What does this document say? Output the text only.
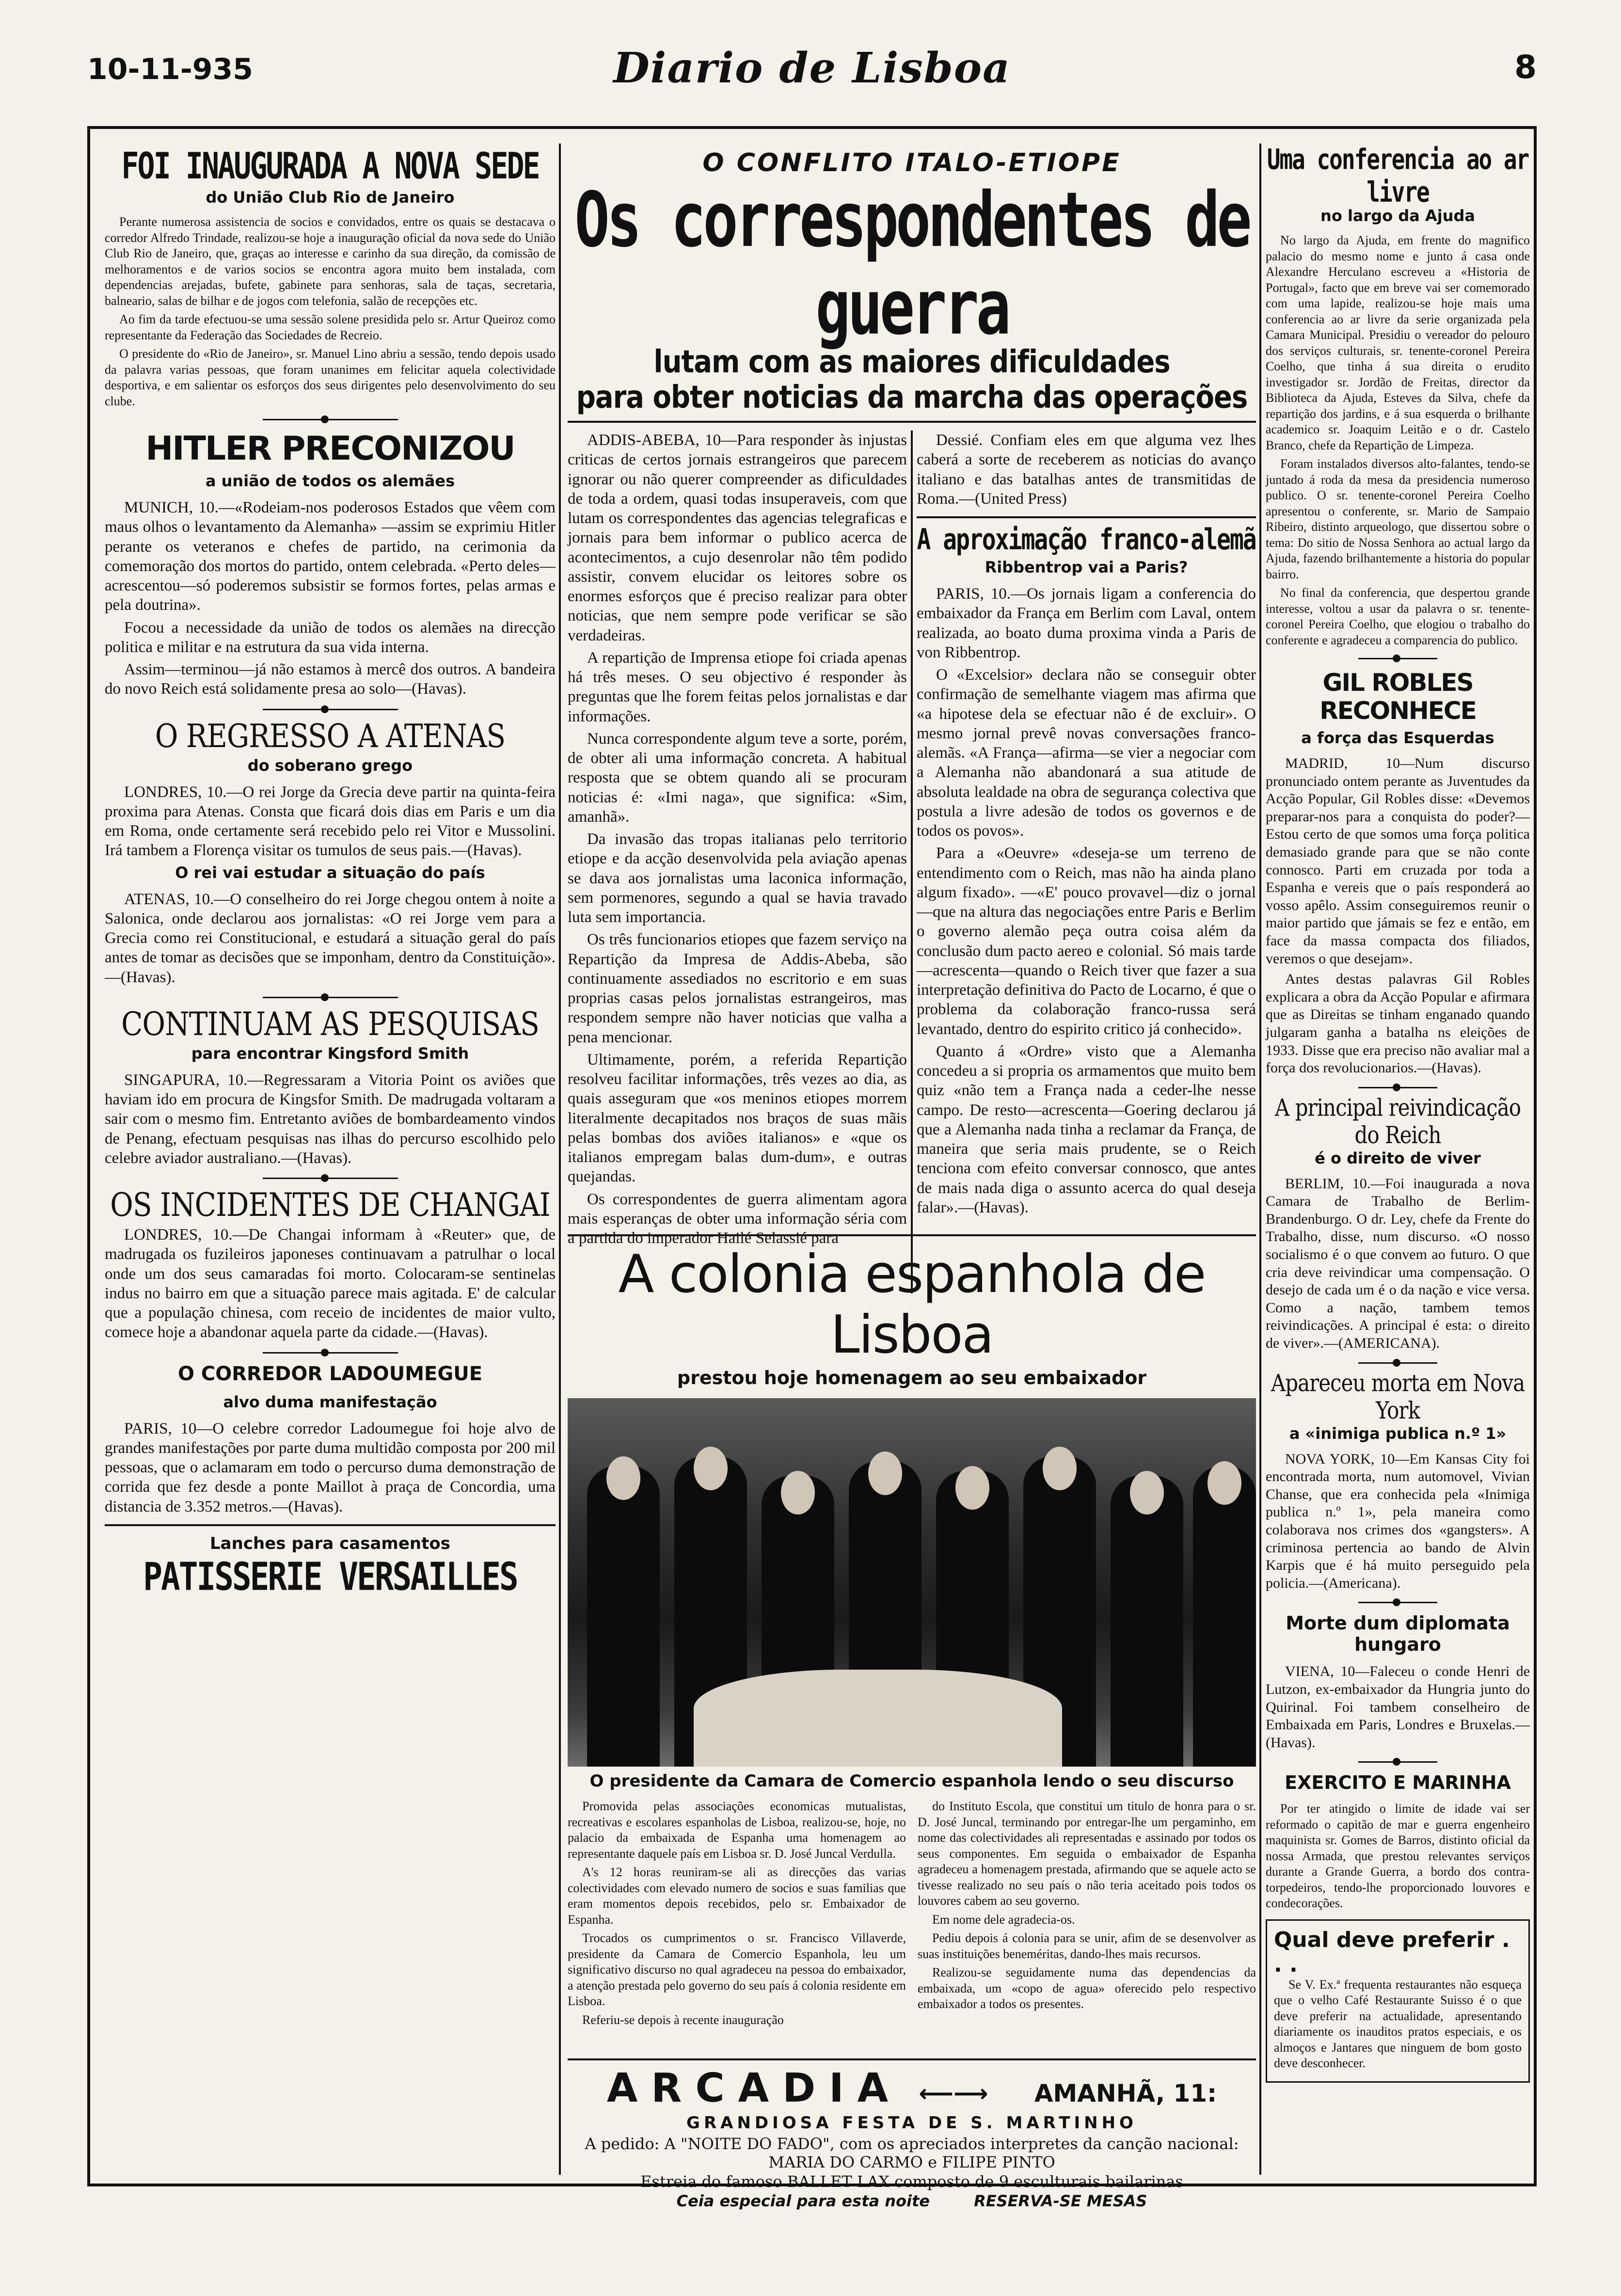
10-11-935	Diario de Lisboa	8
FOI INAUGURADA A NOVA SEDE
do União Club Rio de Janeiro

Perante numerosa assistencia de socios e convidados, entre os quais se destacava o corredor Alfredo Trindade, realizou-se hoje a inauguração oficial da nova sede do União Club Rio de Janeiro, que, graças ao interesse e carinho da sua direção, da comissão de melhoramentos e de varios socios se encontra agora muito bem instalada, com dependencias arejadas, bufete, gabinete para senhoras, sala de taças, secretaria, balneario, salas de bilhar e de jogos com telefonia, salão de recepções etc.

Ao fim da tarde efectuou-se uma sessão solene presidida pelo sr. Artur Queiroz como representante da Federação das Sociedades de Recreio.

O presidente do «Rio de Janeiro», sr. Manuel Lino abriu a sessão, tendo depois usado da palavra varias pessoas, que foram unanimes em felicitar aquela colectividade desportiva, e em salientar os esforços dos seus dirigentes pelo desenvolvimento do seu clube.

HITLER PRECONIZOU
a união de todos os alemães

MUNICH, 10.—«Rodeiam-nos poderosos Estados que vêem com maus olhos o levantamento da Alemanha» —assim se exprimiu Hitler perante os veteranos e chefes de partido, na cerimonia da comemoração dos mortos do partido, ontem celebrada. «Perto deles—acrescentou—só poderemos subsistir se formos fortes, pelas armas e pela doutrina».

Focou a necessidade da união de todos os alemães na direcção politica e militar e na estrutura da sua vida interna.

Assim—terminou—já não estamos à mercê dos outros. A bandeira do novo Reich está solidamente presa ao solo—(Havas).

O REGRESSO A ATENAS
do soberano grego

LONDRES, 10.—O rei Jorge da Grecia deve partir na quinta-feira proxima para Atenas. Consta que ficará dois dias em Paris e um dia em Roma, onde certamente será recebido pelo rei Vitor e Mussolini. Irá tambem a Florença visitar os tumulos de seus pais.—(Havas).

O rei vai estudar a situação do país

ATENAS, 10.—O conselheiro do rei Jorge chegou ontem à noite a Salonica, onde declarou aos jornalistas: «O rei Jorge vem para a Grecia como rei Constitucional, e estudará a situação geral do país antes de tomar as decisões que se imponham, dentro da Constituição».—(Havas).

CONTINUAM AS PESQUISAS
para encontrar Kingsford Smith

SINGAPURA, 10.—Regressaram a Vitoria Point os aviões que haviam ido em procura de Kingsfor Smith. De madrugada voltaram a sair com o mesmo fim. Entretanto aviões de bombardeamento vindos de Penang, efectuam pesquisas nas ilhas do percurso escolhido pelo celebre aviador australiano.—(Havas).

OS INCIDENTES DE CHANGAI

LONDRES, 10.—De Changai informam à «Reuter» que, de madrugada os fuzileiros japoneses continuavam a patrulhar o local onde um dos seus camaradas foi morto. Colocaram-se sentinelas indus no bairro em que a situação parece mais agitada. E' de calcular que a população chinesa, com receio de incidentes de maior vulto, comece hoje a abandonar aquela parte da cidade.—(Havas).

O CORREDOR LADOUMEGUE
alvo duma manifestação

PARIS, 10—O celebre corredor Ladoumegue foi hoje alvo de grandes manifestações por parte duma multidão composta por 200 mil pessoas, que o aclamaram em todo o percurso duma demonstração de corrida que fez desde a ponte Maillot à praça de Concordia, uma distancia de 3.352 metros.—(Havas).

Lanches para casamentos
PATISSERIE VERSAILLES
O CONFLITO ITALO-ETIOPE
Os correspondentes de guerra
lutam com as maiores dificuldades
para obter noticias da marcha das operações

ADDIS-ABEBA, 10—Para responder às injustas criticas de certos jornais estrangeiros que parecem ignorar ou não querer compreender as dificuldades de toda a ordem, quasi todas insuperaveis, com que lutam os correspondentes das agencias telegraficas e jornais para bem informar o publico acerca de acontecimentos, a cujo desenrolar não têm podido assistir, convem elucidar os leitores sobre os enormes esforços que é preciso realizar para obter noticias, que nem sempre pode verificar se são verdadeiras.

A repartição de Imprensa etiope foi criada apenas há três meses. O seu objectivo é responder às preguntas que lhe forem feitas pelos jornalistas e dar informações.

Nunca correspondente algum teve a sorte, porém, de obter ali uma informação concreta. A habitual resposta que se obtem quando ali se procuram noticias é: «Imi naga», que significa: «Sim, amanhã».

Da invasão das tropas italianas pelo territorio etiope e da acção desenvolvida pela aviação apenas se dava aos jornalistas uma laconica informação, sem pormenores, segundo a qual se havia travado luta sem importancia.

Os três funcionarios etiopes que fazem serviço na Repartição da Impresa de Addis-Abeba, são continuamente assediados no escritorio e em suas proprias casas pelos jornalistas estrangeiros, mas respondem sempre não haver noticias que valha a pena mencionar.

Ultimamente, porém, a referida Repartição resolveu facilitar informações, três vezes ao dia, as quais asseguram que «os meninos etiopes morrem literalmente decapitados nos braços de suas mãis pelas bombas dos aviões italianos» e «que os italianos empregam balas dum-dum», e outras quejandas.

Os correspondentes de guerra alimentam agora mais esperanças de obter uma informação séria com a partida do imperador Hailé Selassié para

Dessié. Confiam eles em que alguma vez lhes caberá a sorte de receberem as noticias do avanço italiano e das batalhas antes de transmitidas de Roma.—(United Press)

A aproximação franco-alemã
Ribbentrop vai a Paris?

PARIS, 10.—Os jornais ligam a conferencia do embaixador da França em Berlim com Laval, ontem realizada, ao boato duma proxima vinda a Paris de von Ribbentrop.

O «Excelsior» declara não se conseguir obter confirmação de semelhante viagem mas afirma que «a hipotese dela se efectuar não é de excluir». O mesmo jornal prevê novas conversações franco-alemãs. «A França—afirma—se vier a negociar com a Alemanha não abandonará a sua atitude de absoluta lealdade na obra de segurança colectiva que postula a livre adesão de todos os governos e de todos os povos».

Para a «Oeuvre» «deseja-se um terreno de entendimento com o Reich, mas não ha ainda plano algum fixado». —«E' pouco provavel—diz o jornal—que na altura das negociações entre Paris e Berlim o governo alemão peça outra coisa além da conclusão dum pacto aereo e colonial. Só mais tarde—acrescenta—quando o Reich tiver que fazer a sua interpretação definitiva do Pacto de Locarno, é que o problema da colaboração franco-russa será levantado, dentro do espirito critico já conhecido».

Quanto á «Ordre» visto que a Alemanha concedeu a si propria os armamentos que muito bem quiz «não tem a França nada a ceder-lhe nesse campo. De resto—acrescenta—Goering declarou já que a Alemanha nada tinha a reclamar da França, de maneira que seria mais prudente, se o Reich tenciona com efeito conversar connosco, que antes de mais nada diga o assunto acerca do qual deseja falar».—(Havas).

A colonia espanhola de Lisboa
prestou hoje homenagem ao seu embaixador
O presidente da Camara de Comercio espanhola lendo o seu discurso

Promovida pelas associações economicas mutualistas, recreativas e escolares espanholas de Lisboa, realizou-se, hoje, no palacio da embaixada de Espanha uma homenagem ao representante daquele país em Lisboa sr. D. José Juncal Verdulla.

A's 12 horas reuniram-se ali as direcções das varias colectividades com elevado numero de socios e suas familias que eram momentos depois recebidos, pelo sr. Embaixador de Espanha.

Trocados os cumprimentos o sr. Francisco Villaverde, presidente da Camara de Comercio Espanhola, leu um significativo discurso no qual agradeceu na pessoa do embaixador, a atenção prestada pelo governo do seu país á colonia residente em Lisboa.

Referiu-se depois à recente inauguração

do Instituto Escola, que constitui um titulo de honra para o sr. D. José Juncal, terminando por entregar-lhe um pergaminho, em nome das colectividades ali representadas e assinado por todos os seus componentes. Em seguida o embaixador de Espanha agradeceu a homenagem prestada, afirmando que se aquele acto se tivesse realizado no seu país o não teria aceitado pois todos os louvores cabem ao seu governo.

Em nome dele agradecia-os.

Pediu depois á colonia para se unir, afim de se desenvolver as suas instituições beneméritas, dando-lhes mais recursos.

Realizou-se seguidamente numa das dependencias da embaixada, um «copo de agua» oferecido pelo respectivo embaixador a todos os presentes.

ARCADIA ⟵⟶ AMANHÃ, 11:
GRANDIOSA FESTA DE S. MARTINHO
A pedido: A "NOITE DO FADO", com os apreciados interpretes da canção nacional: MARIA DO CARMO e FILIPE PINTO
Estreia do famoso BALLET LAX composto de 9 esculturais bailarinas
Ceia especial para esta noite	RESERVA-SE MESAS
Uma conferencia ao ar livre
no largo da Ajuda

No largo da Ajuda, em frente do magnifico palacio do mesmo nome e junto á casa onde Alexandre Herculano escreveu a «Historia de Portugal», facto que em breve vai ser comemorado com uma lapide, realizou-se hoje mais uma conferencia ao ar livre da serie organizada pela Camara Municipal. Presidiu o vereador do pelouro dos serviços culturais, sr. tenente-coronel Pereira Coelho, que tinha á sua direita o erudito investigador sr. Jordão de Freitas, director da Biblioteca da Ajuda, Esteves da Silva, chefe da repartição dos jardins, e á sua esquerda o brilhante academico sr. Joaquim Leitão e o dr. Castelo Branco, chefe da Repartição de Limpeza.

Foram instalados diversos alto-falantes, tendo-se juntado á roda da mesa da presidencia numeroso publico. O sr. tenente-coronel Pereira Coelho apresentou o conferente, sr. Mario de Sampaio Ribeiro, distinto arqueologo, que dissertou sobre o tema: Do sitio de Nossa Senhora ao actual largo da Ajuda, fazendo brilhantemente a historia do popular bairro.

No final da conferencia, que despertou grande interesse, voltou a usar da palavra o sr. tenente-coronel Pereira Coelho, que elogiou o trabalho do conferente e agradeceu a comparencia do publico.

GIL ROBLES RECONHECE
a força das Esquerdas

MADRID, 10—Num discurso pronunciado ontem perante as Juventudes da Acção Popular, Gil Robles disse: «Devemos preparar-nos para a conquista do poder?—Estou certo de que somos uma força politica demasiado grande para que se não conte connosco. Parti em cruzada por toda a Espanha e vereis que o país responderá ao vosso apêlo. Assim conseguiremos reunir o maior partido que jámais se fez e então, em face da massa compacta dos filiados, veremos o que desejam».

Antes destas palavras Gil Robles explicara a obra da Acção Popular e afirmara que as Direitas se tinham enganado quando julgaram ganha a batalha ns eleições de 1933. Disse que era preciso não avaliar mal a força dos revolucionarios.—(Havas).

A principal reivindicação do Reich
é o direito de viver

BERLIM, 10.—Foi inaugurada a nova Camara de Trabalho de Berlim-Brandenburgo. O dr. Ley, chefe da Frente do Trabalho, disse, num discurso. «O nosso socialismo é o que convem ao futuro. O que cria deve reivindicar uma compensação. O desejo de cada um é o da nação e vice versa. Como a nação, tambem temos reivindicações. A principal é esta: o direito de viver».—(AMERICANA).

Apareceu morta em Nova York
a «inimiga publica n.º 1»

NOVA YORK, 10—Em Kansas City foi encontrada morta, num automovel, Vivian Chanse, que era conhecida pela «Inimiga publica n.º 1», pela maneira como colaborava nos crimes dos «gangsters». A criminosa pertencia ao bando de Alvin Karpis que é há muito perseguido pela policia.—(Americana).

Morte dum diplomata hungaro

VIENA, 10—Faleceu o conde Henri de Lutzon, ex-embaixador da Hungria junto do Quirinal. Foi tambem conselheiro de Embaixada em Paris, Londres e Bruxelas.—(Havas).

EXERCITO E MARINHA

Por ter atingido o limite de idade vai ser reformado o capitão de mar e guerra engenheiro maquinista sr. Gomes de Barros, distinto oficial da nossa Armada, que prestou relevantes serviços durante a Grande Guerra, a bordo dos contra-torpedeiros, tendo-lhe proporcionado louvores e condecorações.

Qual deve preferir . . .

Se V. Ex.ª frequenta restaurantes não esqueça que o velho Café Restaurante Suisso é o que deve preferir na actualidade, apresentando diariamente os inauditos pratos especiais, e os almoços e Jantares que ninguem de bom gosto deve desconhecer.
